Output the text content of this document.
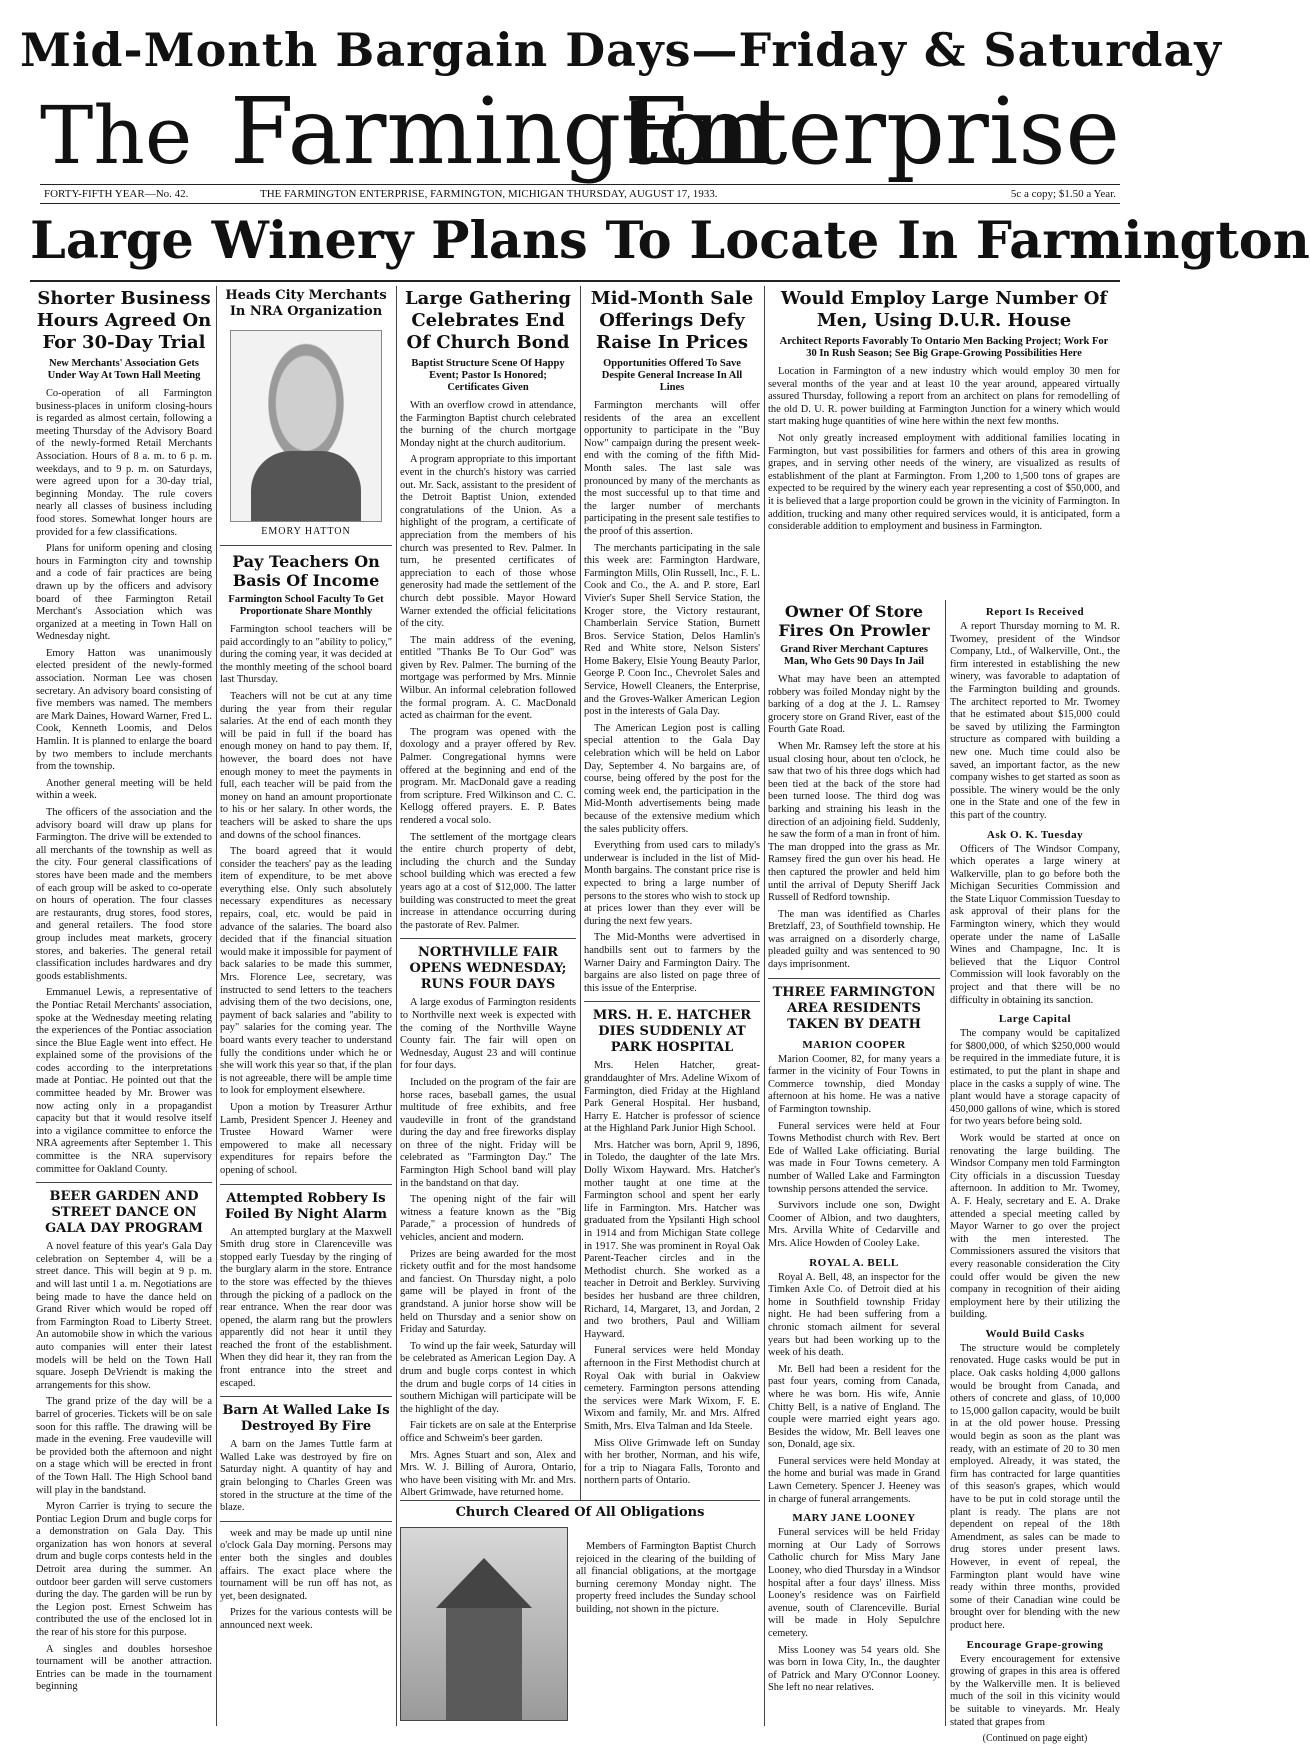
Mid-Month Bargain Days—Friday & Saturday
The Farmington
Enterprise
FORTY-FIFTH YEAR—No. 42.	THE FARMINGTON ENTERPRISE, FARMINGTON, MICHIGAN THURSDAY, AUGUST 17, 1933.	5c a copy; $1.50 a Year.
Large Winery Plans To Locate In Farmington
Shorter Business Hours Agreed On For 30-Day Trial
New Merchants' Association Gets Under Way At Town Hall Meeting

Co-operation of all Farmington business-places in uniform closing-hours is regarded as almost certain, following a meeting Thursday of the Advisory Board of the newly-formed Retail Merchants Association. Hours of 8 a. m. to 6 p. m. weekdays, and to 9 p. m. on Saturdays, were agreed upon for a 30-day trial, beginning Monday. The rule covers nearly all classes of business including food stores. Somewhat longer hours are provided for a few classifications.

Plans for uniform opening and closing hours in Farmington city and township and a code of fair practices are being drawn up by the officers and advisory board of thee Farmington Retail Merchant's Association which was organized at a meeting in Town Hall on Wednesday night.

Emory Hatton was unanimously elected president of the newly-formed association. Norman Lee was chosen secretary. An advisory board consisting of five members was named. The members are Mark Daines, Howard Warner, Fred L. Cook, Kenneth Loomis, and Delos Hamlin. It is planned to enlarge the board by two members to include merchants from the township.

Another general meeting will be held within a week.

The officers of the association and the advisory board will draw up plans for Farmington. The drive will be extended to all merchants of the township as well as the city. Four general classifications of stores have been made and the members of each group will be asked to co-operate on hours of operation. The four classes are restaurants, drug stores, food stores, and general retailers. The food store group includes meat markets, grocery stores, and bakeries. The general retail classification includes hardwares and dry goods establishments.

Emmanuel Lewis, a representative of the Pontiac Retail Merchants' association, spoke at the Wednesday meeting relating the experiences of the Pontiac association since the Blue Eagle went into effect. He explained some of the provisions of the codes according to the interpretations made at Pontiac. He pointed out that the committee headed by Mr. Brower was now acting only in a propagandist capacity but that it would resolve itself into a vigilance committee to enforce the NRA agreements after September 1. This committee is the NRA supervisory committee for Oakland County.

BEER GARDEN AND STREET DANCE ON GALA DAY PROGRAM

A novel feature of this year's Gala Day celebration on September 4, will be a street dance. This will begin at 9 p. m. and will last until 1 a. m. Negotiations are being made to have the dance held on Grand River which would be roped off from Farmington Road to Liberty Street. An automobile show in which the various auto companies will enter their latest models will be held on the Town Hall square. Joseph DeVriendt is making the arrangements for this show.

The grand prize of the day will be a barrel of groceries. Tickets will be on sale soon for this raffle. The drawing will be made in the evening. Free vaudeville will be provided both the afternoon and night on a stage which will be erected in front of the Town Hall. The High School band will play in the bandstand.

Myron Carrier is trying to secure the Pontiac Legion Drum and bugle corps for a demonstration on Gala Day. This organization has won honors at several drum and bugle corps contests held in the Detroit area during the summer. An outdoor beer garden will serve customers during the day. The garden will be run by the Legion post. Ernest Schweim has contributed the use of the enclosed lot in the rear of his store for this purpose.

A singles and doubles horseshoe tournament will be another attraction. Entries can be made in the tournament beginning

Heads City Merchants In NRA Organization
EMORY HATTON
Pay Teachers On Basis Of Income
Farmington School Faculty To Get Proportionate Share Monthly

Farmington school teachers will be paid accordingly to an "ability to policy," during the coming year, it was decided at the monthly meeting of the school board last Thursday.

Teachers will not be cut at any time during the year from their regular salaries. At the end of each month they will be paid in full if the board has enough money on hand to pay them. If, however, the board does not have enough money to meet the payments in full, each teacher will be paid from the money on hand an amount proportionate to his or her salary. In other words, the teachers will be asked to share the ups and downs of the school finances.

The board agreed that it would consider the teachers' pay as the leading item of expenditure, to be met above everything else. Only such absolutely necessary expenditures as necessary repairs, coal, etc. would be paid in advance of the salaries. The board also decided that if the financial situation would make it impossible for payment of back salaries to be made this summer, Mrs. Florence Lee, secretary, was instructed to send letters to the teachers advising them of the two decisions, one, payment of back salaries and "ability to pay" salaries for the coming year. The board wants every teacher to understand fully the conditions under which he or she will work this year so that, if the plan is not agreeable, there will be ample time to look for employment elsewhere.

Upon a motion by Treasurer Arthur Lamb, President Spencer J. Heeney and Trustee Howard Warner were empowered to make all necessary expenditures for repairs before the opening of school.

Attempted Robbery Is Foiled By Night Alarm

An attempted burglary at the Maxwell Smith drug store in Clarenceville was stopped early Tuesday by the ringing of the burglary alarm in the store. Entrance to the store was effected by the thieves through the picking of a padlock on the rear entrance. When the rear door was opened, the alarm rang but the prowlers apparently did not hear it until they reached the front of the establishment. When they did hear it, they ran from the front entrance into the street and escaped.

Barn At Walled Lake Is Destroyed By Fire

A barn on the James Tuttle farm at Walled Lake was destroyed by fire on Saturday night. A quantity of hay and grain belonging to Charles Green was stored in the structure at the time of the blaze.

week and may be made up until nine o'clock Gala Day morning. Persons may enter both the singles and doubles affairs. The exact place where the tournament will be run off has not, as yet, been designated.

Prizes for the various contests will be announced next week.

Large Gathering Celebrates End Of Church Bond
Baptist Structure Scene Of Happy Event; Pastor Is Honored; Certificates Given

With an overflow crowd in attendance, the Farmington Baptist church celebrated the burning of the church mortgage Monday night at the church auditorium.

A program appropriate to this important event in the church's history was carried out. Mr. Sack, assistant to the president of the Detroit Baptist Union, extended congratulations of the Union. As a highlight of the program, a certificate of appreciation from the members of his church was presented to Rev. Palmer. In turn, he presented certificates of appreciation to each of those whose generosity had made the settlement of the church debt possible. Mayor Howard Warner extended the official felicitations of the city.

The main address of the evening, entitled "Thanks Be To Our God" was given by Rev. Palmer. The burning of the mortgage was performed by Mrs. Minnie Wilbur. An informal celebration followed the formal program. A. C. MacDonald acted as chairman for the event.

The program was opened with the doxology and a prayer offered by Rev. Palmer. Congregational hymns were offered at the beginning and end of the program. Mr. MacDonald gave a reading from scripture. Fred Wilkinson and C. C. Kellogg offered prayers. E. P. Bates rendered a vocal solo.

The settlement of the mortgage clears the entire church property of debt, including the church and the Sunday school building which was erected a few years ago at a cost of $12,000. The latter building was constructed to meet the great increase in attendance occurring during the pastorate of Rev. Palmer.

NORTHVILLE FAIR OPENS WEDNESDAY; RUNS FOUR DAYS

A large exodus of Farmington residents to Northville next week is expected with the coming of the Northville Wayne County fair. The fair will open on Wednesday, August 23 and will continue for four days.

Included on the program of the fair are horse races, baseball games, the usual multitude of free exhibits, and free vaudeville in front of the grandstand during the day and free fireworks display on three of the night. Friday will be celebrated as "Farmington Day." The Farmington High School band will play in the bandstand on that day.

The opening night of the fair will witness a feature known as the "Big Parade," a procession of hundreds of vehicles, ancient and modern.

Prizes are being awarded for the most rickety outfit and for the most handsome and fanciest. On Thursday night, a polo game will be played in front of the grandstand. A junior horse show will be held on Thursday and a senior show on Friday and Saturday.

To wind up the fair week, Saturday will be celebrated as American Legion Day. A drum and bugle corps contest in which the drum and bugle corps of 14 cities in southern Michigan will participate will be the highlight of the day.

Fair tickets are on sale at the Enterprise office and Schweim's beer garden.

Mrs. Agnes Stuart and son, Alex and Mrs. W. J. Billing of Aurora, Ontario, who have been visiting with Mr. and Mrs. Albert Grimwade, have returned home.

Mid-Month Sale Offerings Defy Raise In Prices
Opportunities Offered To Save Despite General Increase In All Lines

Farmington merchants will offer residents of the area an excellent opportunity to participate in the "Buy Now" campaign during the present week-end with the coming of the fifth Mid-Month sales. The last sale was pronounced by many of the merchants as the most successful up to that time and the larger number of merchants participating in the present sale testifies to the proof of this assertion.

The merchants participating in the sale this week are: Farmington Hardware, Farmington Mills, Olin Russell, Inc., F. L. Cook and Co., the A. and P. store, Earl Vivier's Super Shell Service Station, the Kroger store, the Victory restaurant, Chamberlain Service Station, Burnett Bros. Service Station, Delos Hamlin's Red and White store, Nelson Sisters' Home Bakery, Elsie Young Beauty Parlor, George P. Coon Inc., Chevrolet Sales and Service, Howell Cleaners, the Enterprise, and the Groves-Walker American Legion post in the interests of Gala Day.

The American Legion post is calling special attention to the Gala Day celebration which will be held on Labor Day, September 4. No bargains are, of course, being offered by the post for the coming week end, the participation in the Mid-Month advertisements being made because of the extensive medium which the sales publicity offers.

Everything from used cars to milady's underwear is included in the list of Mid-Month bargains. The constant price rise is expected to bring a large number of persons to the stores who wish to stock up at prices lower than they ever will be during the next few years.

The Mid-Months were advertised in handbills sent out to farmers by the Warner Dairy and Farmington Dairy. The bargains are also listed on page three of this issue of the Enterprise.

MRS. H. E. HATCHER DIES SUDDENLY AT PARK HOSPITAL

Mrs. Helen Hatcher, great-granddaughter of Mrs. Adeline Wixom of Farmington, died Friday at the Highland Park General Hospital. Her husband, Harry E. Hatcher is professor of science at the Highland Park Junior High School.

Mrs. Hatcher was born, April 9, 1896, in Toledo, the daughter of the late Mrs. Dolly Wixom Hayward. Mrs. Hatcher's mother taught at one time at the Farmington school and spent her early life in Farmington. Mrs. Hatcher was graduated from the Ypsilanti High school in 1914 and from Michigan State college in 1917. She was prominent in Royal Oak Parent-Teacher circles and in the Methodist church. She worked as a teacher in Detroit and Berkley. Surviving besides her husband are three children, Richard, 14, Margaret, 13, and Jordan, 2 and two brothers, Paul and William Hayward.

Funeral services were held Monday afternoon in the First Methodist church at Royal Oak with burial in Oakview cemetery. Farmington persons attending the services were Mark Wixom, F. E. Wixom and family, Mr. and Mrs. Alfred Smith, Mrs. Elva Talman and Ida Steele.

Miss Olive Grimwade left on Sunday with her brother, Norman, and his wife, for a trip to Niagara Falls, Toronto and northern parts of Ontario.

Church Cleared Of All Obligations

Members of Farmington Baptist Church rejoiced in the clearing of the building of all financial obligations, at the mortgage burning ceremony Monday night. The property freed includes the Sunday school building, not shown in the picture.

Would Employ Large Number Of Men, Using D.U.R. House
Architect Reports Favorably To Ontario Men Backing Project; Work For 30 In Rush Season; See Big Grape-Growing Possibilities Here

Location in Farmington of a new industry which would employ 30 men for several months of the year and at least 10 the year around, appeared virtually assured Thursday, following a report from an architect on plans for remodelling of the old D. U. R. power building at Farmington Junction for a winery which would start making huge quantities of wine here within the next few months.

Not only greatly increased employment with additional families locating in Farmington, but vast possibilities for farmers and others of this area in growing grapes, and in serving other needs of the winery, are visualized as results of establishment of the plant at Farmington. From 1,200 to 1,500 tons of grapes are expected to be required by the winery each year representing a cost of $50,000, and it is believed that a large proportion could be grown in the vicinity of Farmington. In addition, trucking and many other required services would, it is anticipated, form a considerable addition to employment and business in Farmington.

Owner Of Store Fires On Prowler
Grand River Merchant Captures Man, Who Gets 90 Days In Jail

What may have been an attempted robbery was foiled Monday night by the barking of a dog at the J. L. Ramsey grocery store on Grand River, east of the Fourth Gate Road.

When Mr. Ramsey left the store at his usual closing hour, about ten o'clock, he saw that two of his three dogs which had been tied at the back of the store had been turned loose. The third dog was barking and straining his leash in the direction of an adjoining field. Suddenly, he saw the form of a man in front of him. The man dropped into the grass as Mr. Ramsey fired the gun over his head. He then captured the prowler and held him until the arrival of Deputy Sheriff Jack Russell of Redford township.

The man was identified as Charles Bretzlaff, 23, of Southfield township. He was arraigned on a disorderly charge, pleaded guilty and was sentenced to 90 days imprisonment.

THREE FARMINGTON AREA RESIDENTS TAKEN BY DEATH
MARION COOPER

Marion Coomer, 82, for many years a farmer in the vicinity of Four Towns in Commerce township, died Monday afternoon at his home. He was a native of Farmington township.

Funeral services were held at Four Towns Methodist church with Rev. Bert Ede of Walled Lake officiating. Burial was made in Four Towns cemetery. A number of Walled Lake and Farmington township persons attended the service.

Survivors include one son, Dwight Coomer of Albion, and two daughters, Mrs. Arvilla White of Cedarville and Mrs. Alice Howden of Cooley Lake.

ROYAL A. BELL

Royal A. Bell, 48, an inspector for the Timken Axle Co. of Detroit died at his home in Southfield township Friday night. He had been suffering from a chronic stomach ailment for several years but had been working up to the week of his death.

Mr. Bell had been a resident for the past four years, coming from Canada, where he was born. His wife, Annie Chitty Bell, is a native of England. The couple were married eight years ago. Besides the widow, Mr. Bell leaves one son, Donald, age six.

Funeral services were held Monday at the home and burial was made in Grand Lawn Cemetery. Spencer J. Heeney was in charge of funeral arrangements.

MARY JANE LOONEY

Funeral services will be held Friday morning at Our Lady of Sorrows Catholic church for Miss Mary Jane Looney, who died Thursday in a Windsor hospital after a four days' illness. Miss Looney's residence was on Fairfield avenue, south of Clarenceville. Burial will be made in Holy Sepulchre cemetery.

Miss Looney was 54 years old. She was born in Iowa City, In., the daughter of Patrick and Mary O'Connor Looney. She left no near relatives.

Report Is Received

A report Thursday morning to M. R. Twomey, president of the Windsor Company, Ltd., of Walkerville, Ont., the firm interested in establishing the new winery, was favorable to adaptation of the Farmington building and grounds. The architect reported to Mr. Twomey that he estimated about $15,000 could be saved by utilizing the Farmington structure as compared with building a new one. Much time could also be saved, an important factor, as the new company wishes to get started as soon as possible. The winery would be the only one in the State and one of the few in this part of the country.

Ask O. K. Tuesday

Officers of The Windsor Company, which operates a large winery at Walkerville, plan to go before both the Michigan Securities Commission and the State Liquor Commission Tuesday to ask approval of their plans for the Farmington winery, which they would operate under the name of LaSalle Wines and Champagne, Inc. It is believed that the Liquor Control Commission will look favorably on the project and that there will be no difficulty in obtaining its sanction.

Large Capital

The company would be capitalized for $800,000, of which $250,000 would be required in the immediate future, it is estimated, to put the plant in shape and place in the casks a supply of wine. The plant would have a storage capacity of 450,000 gallons of wine, which is stored for two years before being sold.

Work would be started at once on renovating the large building. The Windsor Company men told Farmington City officials in a discussion Tuesday afternoon. In addition to Mr. Twomey, A. F. Healy, secretary and E. A. Drake attended a special meeting called by Mayor Warner to go over the project with the men interested. The Commissioners assured the visitors that every reasonable consideration the City could offer would be given the new company in recognition of their aiding employment here by their utilizing the building.

Would Build Casks

The structure would be completely renovated. Huge casks would be put in place. Oak casks holding 4,000 gallons would be brought from Canada, and others of concrete and glass, of 10,000 to 15,000 gallon capacity, would be built in at the old power house. Pressing would begin as soon as the plant was ready, with an estimate of 20 to 30 men employed. Already, it was stated, the firm has contracted for large quantities of this season's grapes, which would have to be put in cold storage until the plant is ready. The plans are not dependent on repeal of the 18th Amendment, as sales can be made to drug stores under present laws. However, in event of repeal, the Farmington plant would have wine ready within three months, provided some of their Canadian wine could be brought over for blending with the new product here.

Encourage Grape-growing

Every encouragement for extensive growing of grapes in this area is offered by the Walkerville men. It is believed much of the soil in this vicinity would be suitable to vineyards. Mr. Healy stated that grapes from

(Continued on page eight)
